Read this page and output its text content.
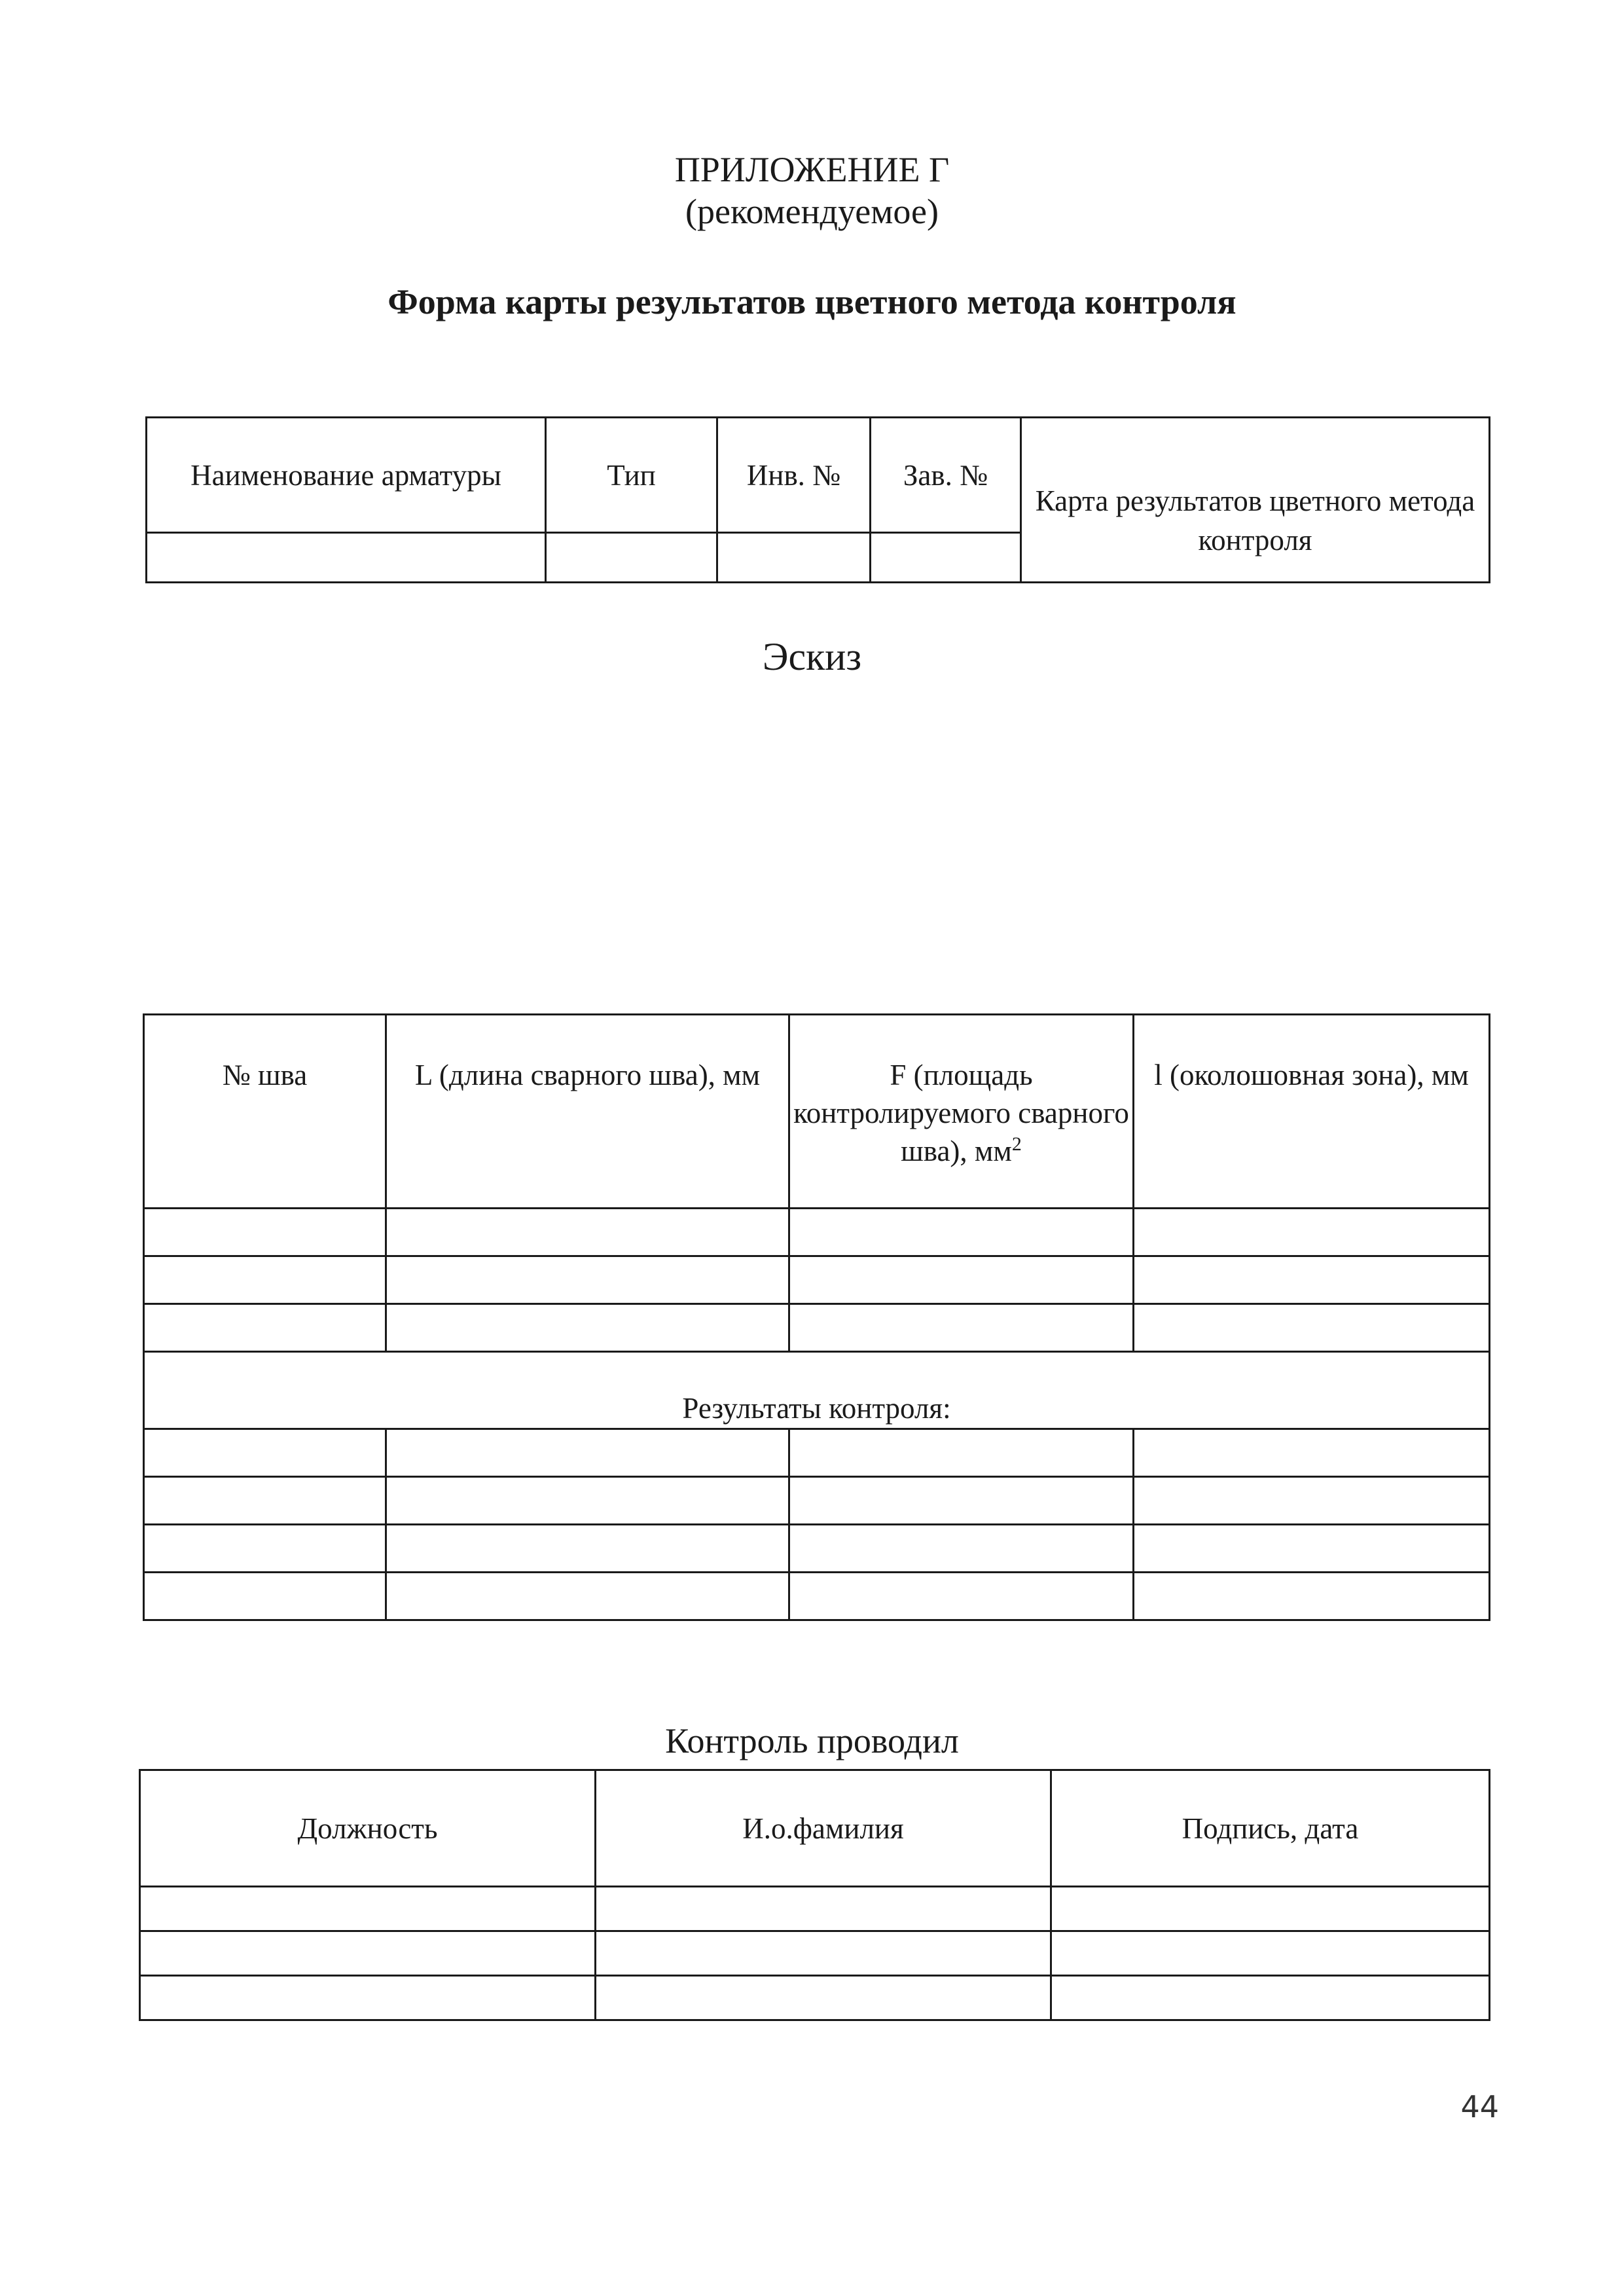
ПРИЛОЖЕНИЕ Г
(рекомендуемое)
Форма карты результатов цветного метода контроля
Наименование арматуры	Тип	Инв. №	Зав. №	Карта результатов цветного метода контроля

Эскиз
№ шва	L (длина сварного шва), мм	F (площадь контролируемого сварного шва), $мм^2$	l (околошовная зона), мм

Результаты контроля:			

Контроль проводил
Должность	И.о.фамилия	Подпись, дата

44
